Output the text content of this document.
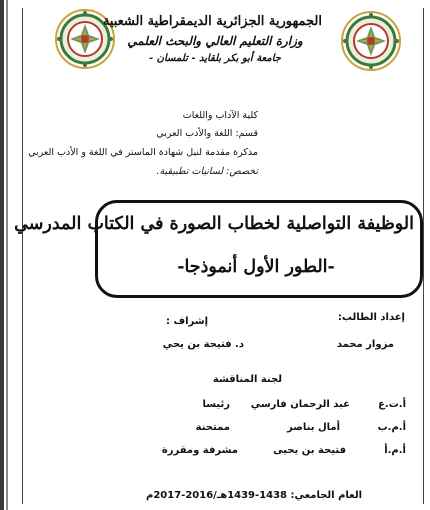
الجمهورية الجزائرية الديمقراطية الشعبية
وزارة التعليم العالي والبحث العلمي
جامعة أبو بكر بلقايد - تلمسان -
كلية الآداب واللغات
قسم: اللغة والأدب العربي
مذكرة مقدمة لنيل شهادة الماستر في اللغة و الأدب العربي
تخصص: لسانيات تطبيقية.
الوظيفة التواصلية لخطاب الصورة في الكتاب المدرسي
-الطور الأول أنموذجا-
إعداد الطالب:
مزوار محمد
إشراف :
د. فتيحة بن يحي
لجنة المناقشة
أ.ت.ع
عبد الرحمان فارسي
رئيسا
أ.م.ب
أمال بناصر
ممتحنة
أ.م.أ
فتيحة بن يحيى
مشرفة ومقررة
العام الجامعي: 1438-1439هـ/2016-2017م
